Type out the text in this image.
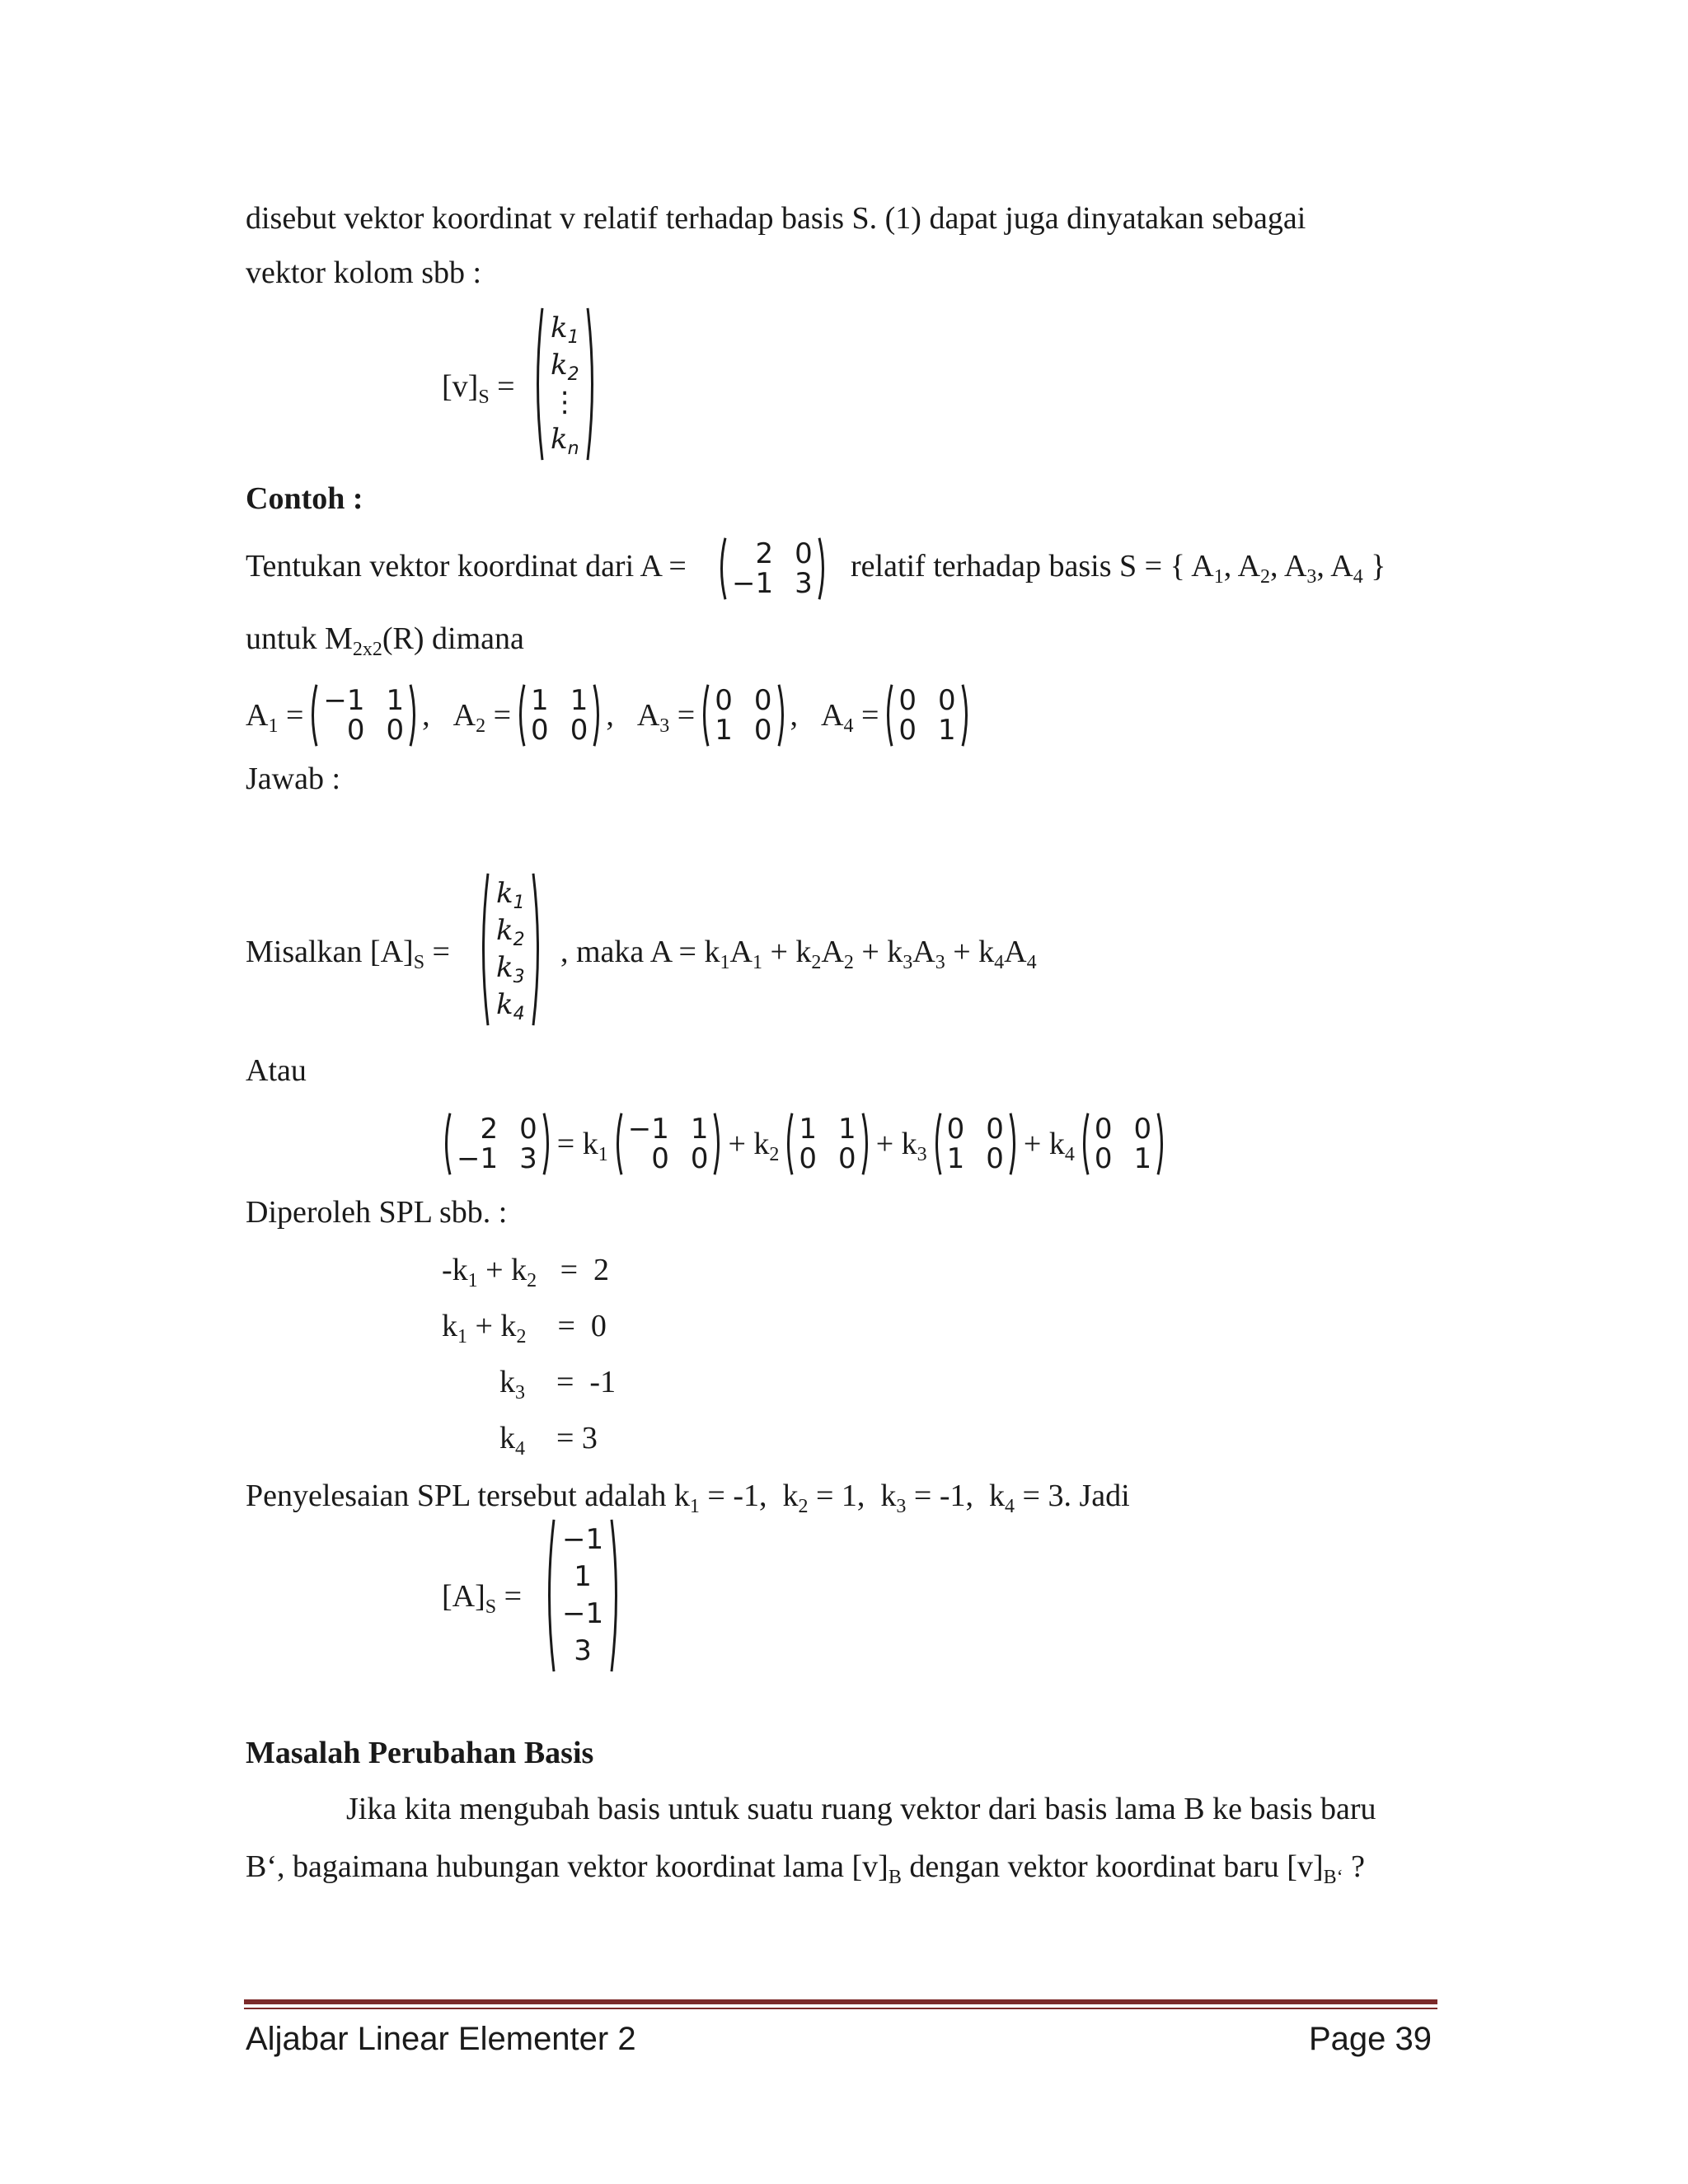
disebut vektor koordinat v relatif terhadap basis S. (1) dapat juga dinyatakan sebagai
vektor kolom sbb :
$[v]_S$ =
$k_1$
$k_2$
⋮
$k_n$
Contoh :
Tentukan vektor koordinat dari A =	2 0
−1 3 relatif terhadap basis S = { $A_1$, $A_2$, $A_3$, $A_4$ }
untuk $M_{2x2}(R)$ dimana
$A_1 = -1$ 1
0 0 , $A_2 = 1$ 1
0 0 , $A_3 = 0$ 0
1 0 , $A_4 = 0$ 0
0 1
Jawab :
Misalkan $[A]_S$ =
$k_1$
$k_2$
$k_3$
$k_4$
, maka $A = k_1A_1 + k_2A_2 + k_3A_3 + k_4A_4$
Atau
2 0
−1 $3 = k_1$
−1 1
0 $0 + k_2$
1 1
0 $0 + k_3$
0 0
1 $0 + k_4$
0 0
0 1
Diperoleh SPL sbb. :
$-k_1 + k_2 = 2$
$k_1 + k_2$    =  0
$k_3$    =  -1
$k_4$    = 3
Penyelesaian SPL tersebut adalah $k_1 = -1$,  $k_2 = 1$,  $k_3 = -1$,  $k_4 = 3$. Jadi
$[A]_S$ =
−1
1
−1
3
Masalah Perubahan Basis
Jika kita mengubah basis untuk suatu ruang vektor dari basis lama B ke basis baru
B‘, bagaimana hubungan vektor koordinat lama $[v]_B$ dengan vektor koordinat baru $[v]_{B‘}$ ?
Aljabar Linear Elementer 2	Page 39
